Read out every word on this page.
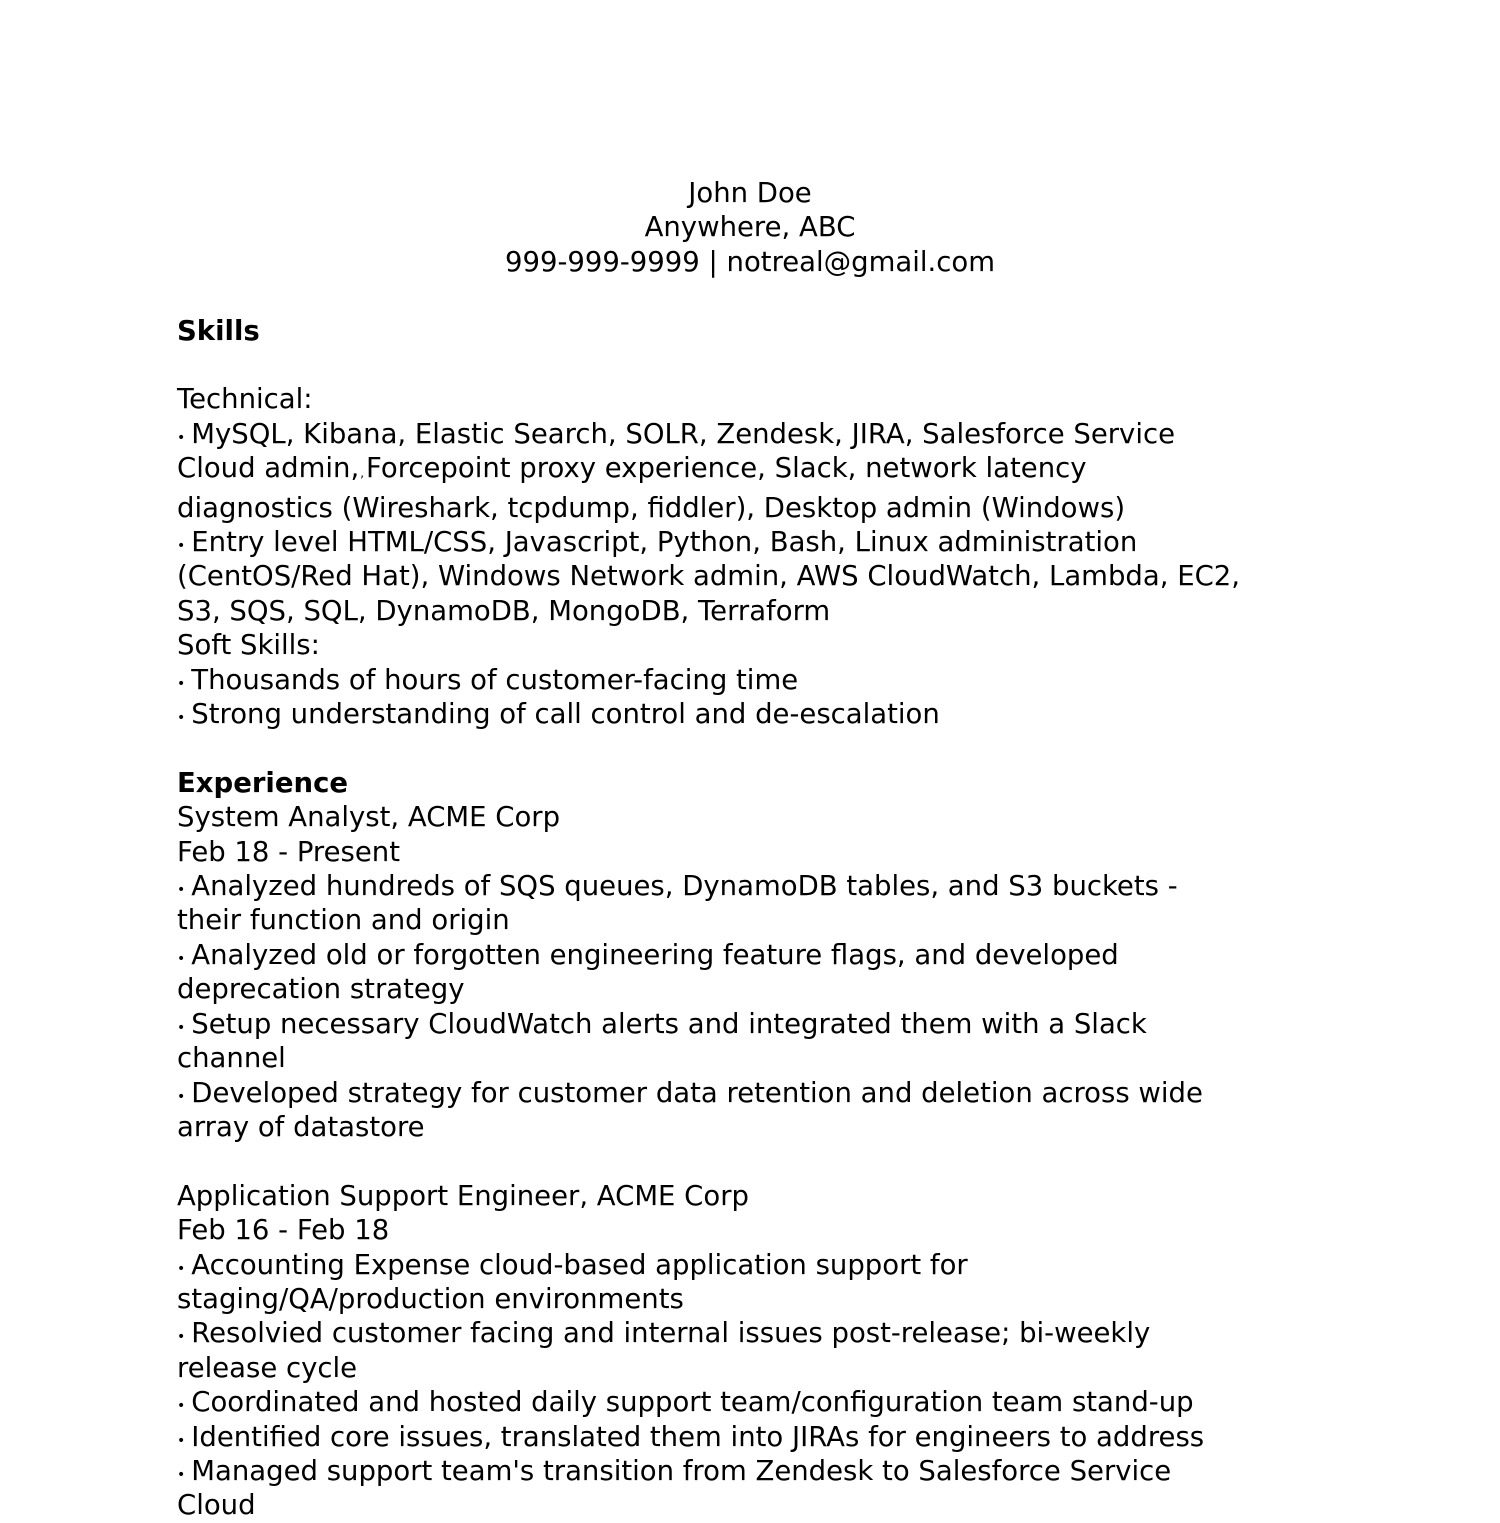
John Doe
Anywhere, ABC
999-999-9999 | notreal@gmail.com
Skills
Technical:
• MySQL, Kibana, Elastic Search, SOLR, Zendesk, JIRA, Salesforce Service
Cloud admin,,Forcepoint proxy experience, Slack, network latency
diagnostics (Wireshark, tcpdump, fiddler), Desktop admin (Windows)
• Entry level HTML/CSS, Javascript, Python, Bash, Linux administration
(CentOS/Red Hat), Windows Network admin, AWS CloudWatch, Lambda, EC2,
S3, SQS, SQL, DynamoDB, MongoDB, Terraform
Soft Skills:
• Thousands of hours of customer-facing time
• Strong understanding of call control and de-escalation
Experience
System Analyst, ACME Corp
Feb 18 - Present
• Analyzed hundreds of SQS queues, DynamoDB tables, and S3 buckets -
their function and origin
• Analyzed old or forgotten engineering feature flags, and developed
deprecation strategy
• Setup necessary CloudWatch alerts and integrated them with a Slack
channel
• Developed strategy for customer data retention and deletion across wide
array of datastore
Application Support Engineer, ACME Corp
Feb 16 - Feb 18
• Accounting Expense cloud-based application support for
staging/QA/production environments
• Resolvied customer facing and internal issues post-release; bi-weekly
release cycle
• Coordinated and hosted daily support team/configuration team stand-up
• Identified core issues, translated them into JIRAs for engineers to address
• Managed support team's transition from Zendesk to Salesforce Service
Cloud
